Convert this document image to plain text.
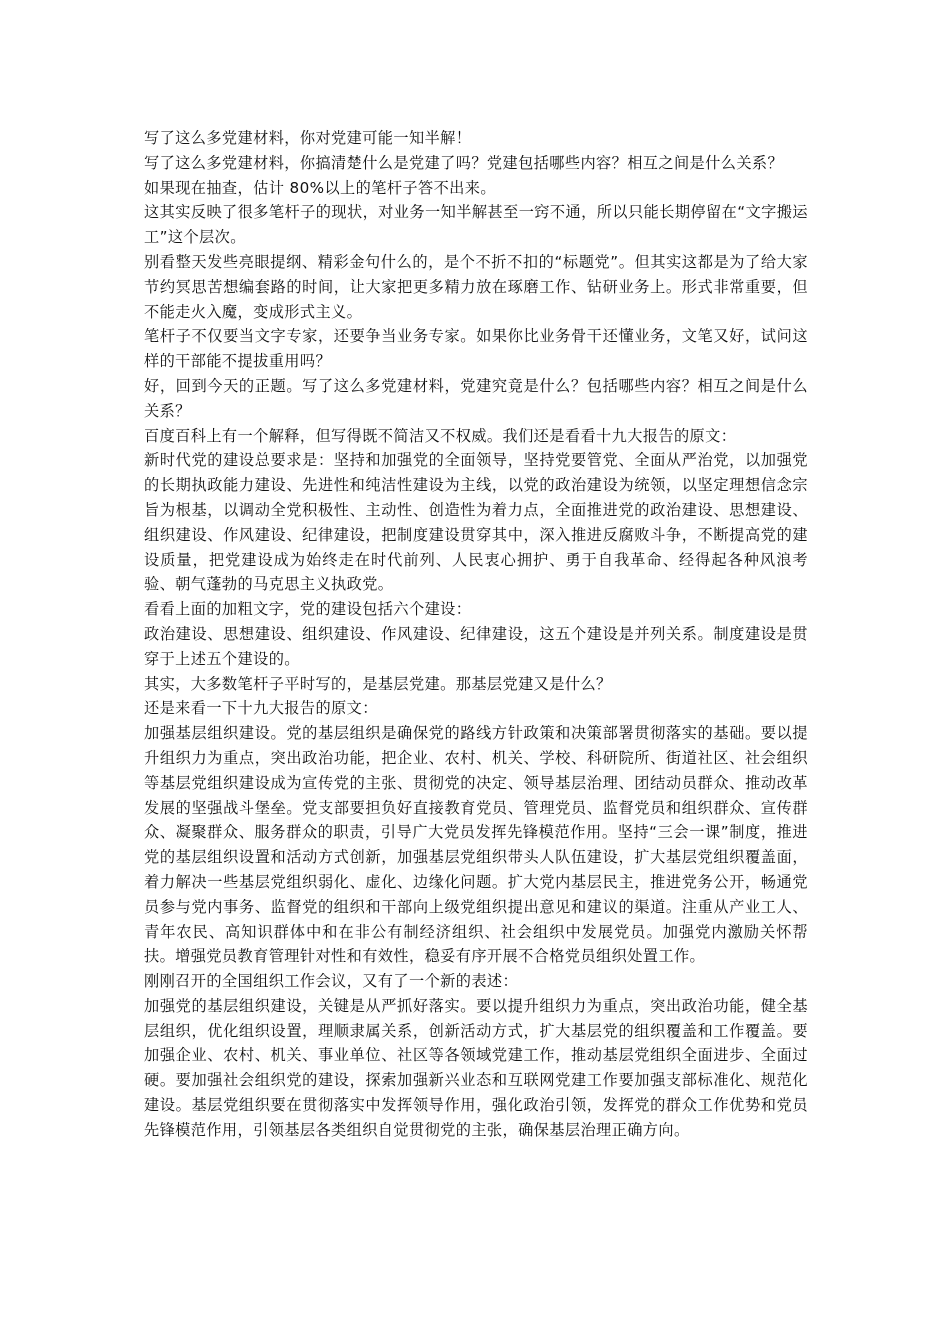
写了这么多党建材料，你对党建可能一知半解！

写了这么多党建材料，你搞清楚什么是党建了吗？党建包括哪些内容？相互之间是什么关系？

如果现在抽查，估计 80%以上的笔杆子答不出来。

这其实反映了很多笔杆子的现状，对业务一知半解甚至一窍不通，所以只能长期停留在“文字搬运工”这个层次。

别看整天发些亮眼提纲、精彩金句什么的，是个不折不扣的“标题党”。但其实这都是为了给大家节约冥思苦想编套路的时间，让大家把更多精力放在琢磨工作、钻研业务上。形式非常重要，但不能走火入魔，变成形式主义。

笔杆子不仅要当文字专家，还要争当业务专家。如果你比业务骨干还懂业务，文笔又好，试问这样的干部能不提拔重用吗？

好，回到今天的正题。写了这么多党建材料，党建究竟是什么？包括哪些内容？相互之间是什么关系？

百度百科上有一个解释，但写得既不简洁又不权威。我们还是看看十九大报告的原文：

新时代党的建设总要求是：坚持和加强党的全面领导，坚持党要管党、全面从严治党，以加强党的长期执政能力建设、先进性和纯洁性建设为主线，以党的政治建设为统领，以坚定理想信念宗旨为根基，以调动全党积极性、主动性、创造性为着力点，全面推进党的政治建设、思想建设、组织建设、作风建设、纪律建设，把制度建设贯穿其中，深入推进反腐败斗争，不断提高党的建设质量，把党建设成为始终走在时代前列、人民衷心拥护、勇于自我革命、经得起各种风浪考验、朝气蓬勃的马克思主义执政党。

看看上面的加粗文字，党的建设包括六个建设：

政治建设、思想建设、组织建设、作风建设、纪律建设，这五个建设是并列关系。制度建设是贯穿于上述五个建设的。

其实，大多数笔杆子平时写的，是基层党建。那基层党建又是什么？

还是来看一下十九大报告的原文：

加强基层组织建设。党的基层组织是确保党的路线方针政策和决策部署贯彻落实的基础。要以提升组织力为重点，突出政治功能，把企业、农村、机关、学校、科研院所、街道社区、社会组织等基层党组织建设成为宣传党的主张、贯彻党的决定、领导基层治理、团结动员群众、推动改革发展的坚强战斗堡垒。党支部要担负好直接教育党员、管理党员、监督党员和组织群众、宣传群众、凝聚群众、服务群众的职责，引导广大党员发挥先锋模范作用。坚持“三会一课”制度，推进党的基层组织设置和活动方式创新，加强基层党组织带头人队伍建设，扩大基层党组织覆盖面，着力解决一些基层党组织弱化、虚化、边缘化问题。扩大党内基层民主，推进党务公开，畅通党员参与党内事务、监督党的组织和干部向上级党组织提出意见和建议的渠道。注重从产业工人、青年农民、高知识群体中和在非公有制经济组织、社会组织中发展党员。加强党内激励关怀帮扶。增强党员教育管理针对性和有效性，稳妥有序开展不合格党员组织处置工作。

刚刚召开的全国组织工作会议，又有了一个新的表述：

加强党的基层组织建设，关键是从严抓好落实。要以提升组织力为重点，突出政治功能，健全基层组织，优化组织设置，理顺隶属关系，创新活动方式，扩大基层党的组织覆盖和工作覆盖。要加强企业、农村、机关、事业单位、社区等各领域党建工作，推动基层党组织全面进步、全面过硬。要加强社会组织党的建设，探索加强新兴业态和互联网党建工作要加强支部标准化、规范化建设。基层党组织要在贯彻落实中发挥领导作用，强化政治引领，发挥党的群众工作优势和党员先锋模范作用，引领基层各类组织自觉贯彻党的主张，确保基层治理正确方向。
